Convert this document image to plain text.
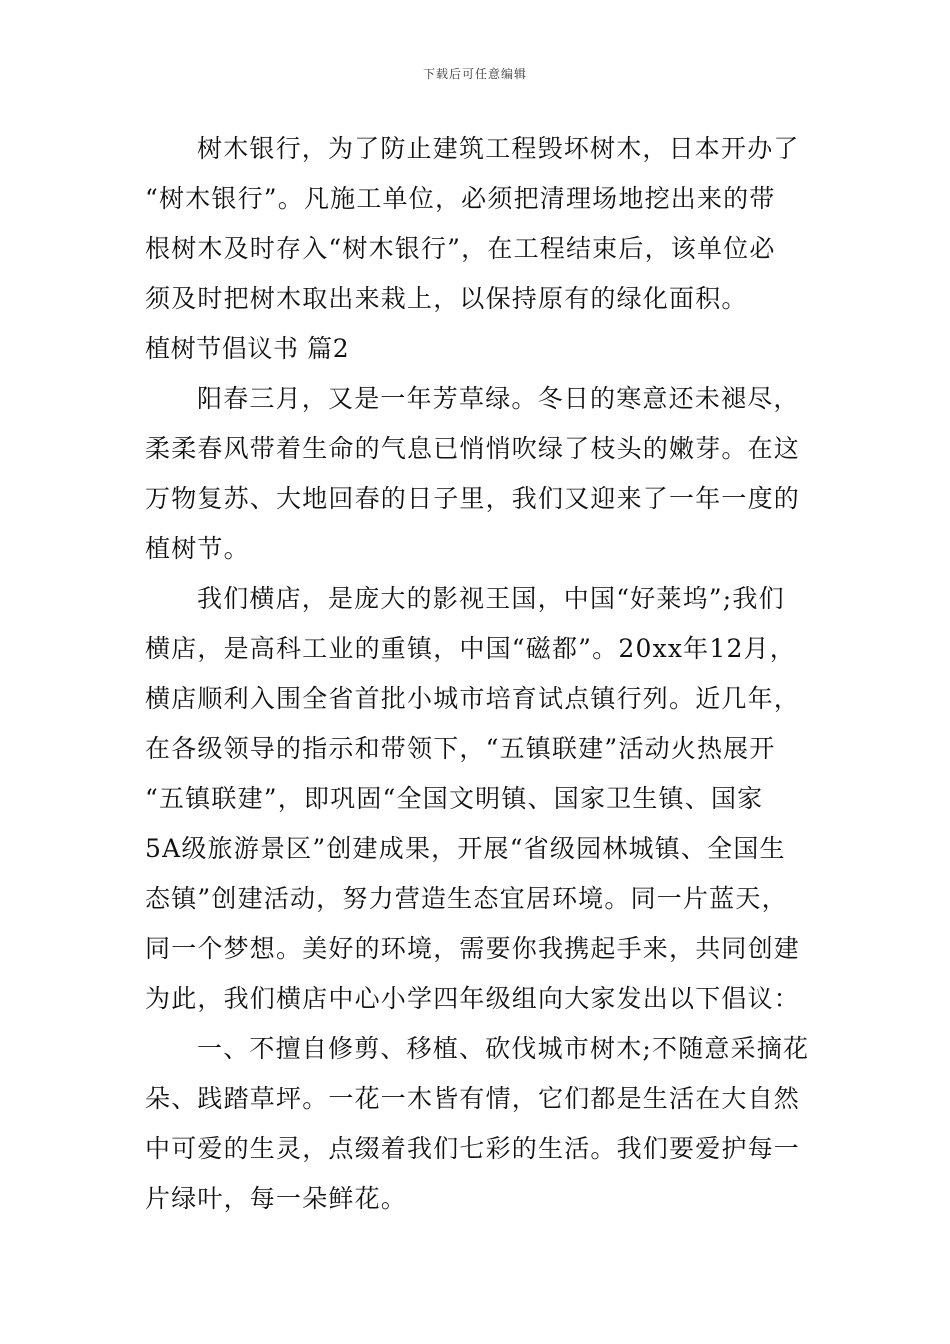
下载后可任意编辑
树木银行，为了防止建筑工程毁坏树木，日本开办了
“树木银行”。凡施工单位，必须把清理场地挖出来的带
根树木及时存入“树木银行”，在工程结束后，该单位必
须及时把树木取出来栽上，以保持原有的绿化面积。
植树节倡议书 篇2
阳春三月，又是一年芳草绿。冬日的寒意还未褪尽，
柔柔春风带着生命的气息已悄悄吹绿了枝头的嫩芽。在这
万物复苏、大地回春的日子里，我们又迎来了一年一度的
植树节。
我们横店，是庞大的影视王国，中国“好莱坞”;我们
横店，是高科工业的重镇，中国“磁都”。20xx年12月，
横店顺利入围全省首批小城市培育试点镇行列。近几年，
在各级领导的指示和带领下，“五镇联建”活动火热展开
“五镇联建”，即巩固“全国文明镇、国家卫生镇、国家
5A级旅游景区”创建成果，开展“省级园林城镇、全国生
态镇”创建活动，努力营造生态宜居环境。同一片蓝天，
同一个梦想。美好的环境，需要你我携起手来，共同创建
为此，我们横店中心小学四年级组向大家发出以下倡议：
一、不擅自修剪、移植、砍伐城市树木;不随意采摘花
朵、践踏草坪。一花一木皆有情，它们都是生活在大自然
中可爱的生灵，点缀着我们七彩的生活。我们要爱护每一
片绿叶，每一朵鲜花。
